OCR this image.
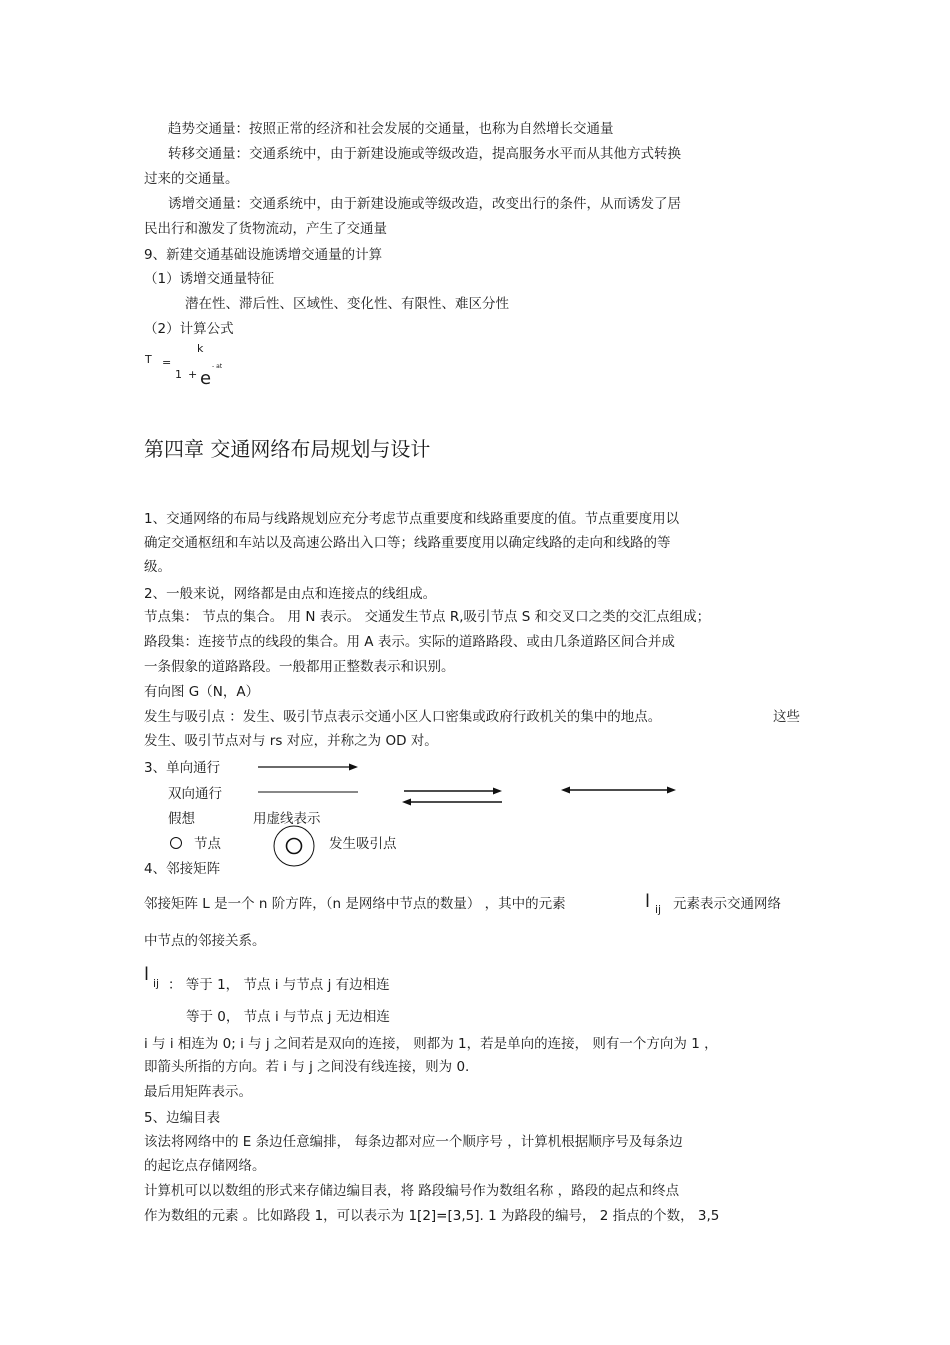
趋势交通量：按照正常的经济和社会发展的交通量，也称为自然增长交通量
转移交通量：交通系统中，由于新建设施或等级改造，提高服务水平而从其他方式转换
过来的交通量。
诱增交通量：交通系统中，由于新建设施或等级改造，改变出行的条件，从而诱发了居
民出行和激发了货物流动，产生了交通量
9、新建交通基础设施诱增交通量的计算
（1）诱增交通量特征
潜在性、滞后性、区域性、变化性、有限性、难区分性
（2）计算公式
T =
k
1 + e
- at
第四章 交通网络布局规划与设计
1、交通网络的布局与线路规划应充分考虑节点重要度和线路重要度的值。节点重要度用以
确定交通枢纽和车站以及高速公路出入口等；线路重要度用以确定线路的走向和线路的等
级。
2、一般来说，网络都是由点和连接点的线组成。
节点集： 节点的集合。 用 N 表示。 交通发生节点 R,吸引节点 S 和交叉口之类的交汇点组成；
路段集：连接节点的线段的集合。用 A 表示。实际的道路路段、或由几条道路区间合并成
一条假象的道路路段。一般都用正整数表示和识别。
有向图 G（N，A）
发生与吸引点 ：发生、吸引节点表示交通小区人口密集或政府行政机关的集中的地点。	这些
发生、吸引节点对与 rs 对应，并称之为 OD 对。
3、单向通行
双向通行
假想	用虚线表示
节点	发生吸引点
4、邻接矩阵
邻接矩阵 L 是一个 n 阶方阵，（n 是网络中节点的数量） ，其中的元素	l ij 元素表示交通网络
中节点的邻接关系。
l ij ： 等于 1， 节点 i 与节点 j 有边相连
等于 0， 节点 i 与节点 j 无边相连
i 与 i 相连为 0; i 与 j 之间若是双向的连接， 则都为 1，若是单向的连接， 则有一个方向为 1 ，
即箭头所指的方向。若 i 与 j 之间没有线连接，则为 0.
最后用矩阵表示。
5、边编目表
该法将网络中的 E 条边任意编排， 每条边都对应一个顺序号 ，计算机根据顺序号及每条边
的起讫点存储网络。
计算机可以以数组的形式来存储边编目表，将 路段编号作为数组名称 ，路段的起点和终点
作为数组的元素 。比如路段 1，可以表示为 1[2]=[3,5]. 1 为路段的编号， 2 指点的个数， 3,5
